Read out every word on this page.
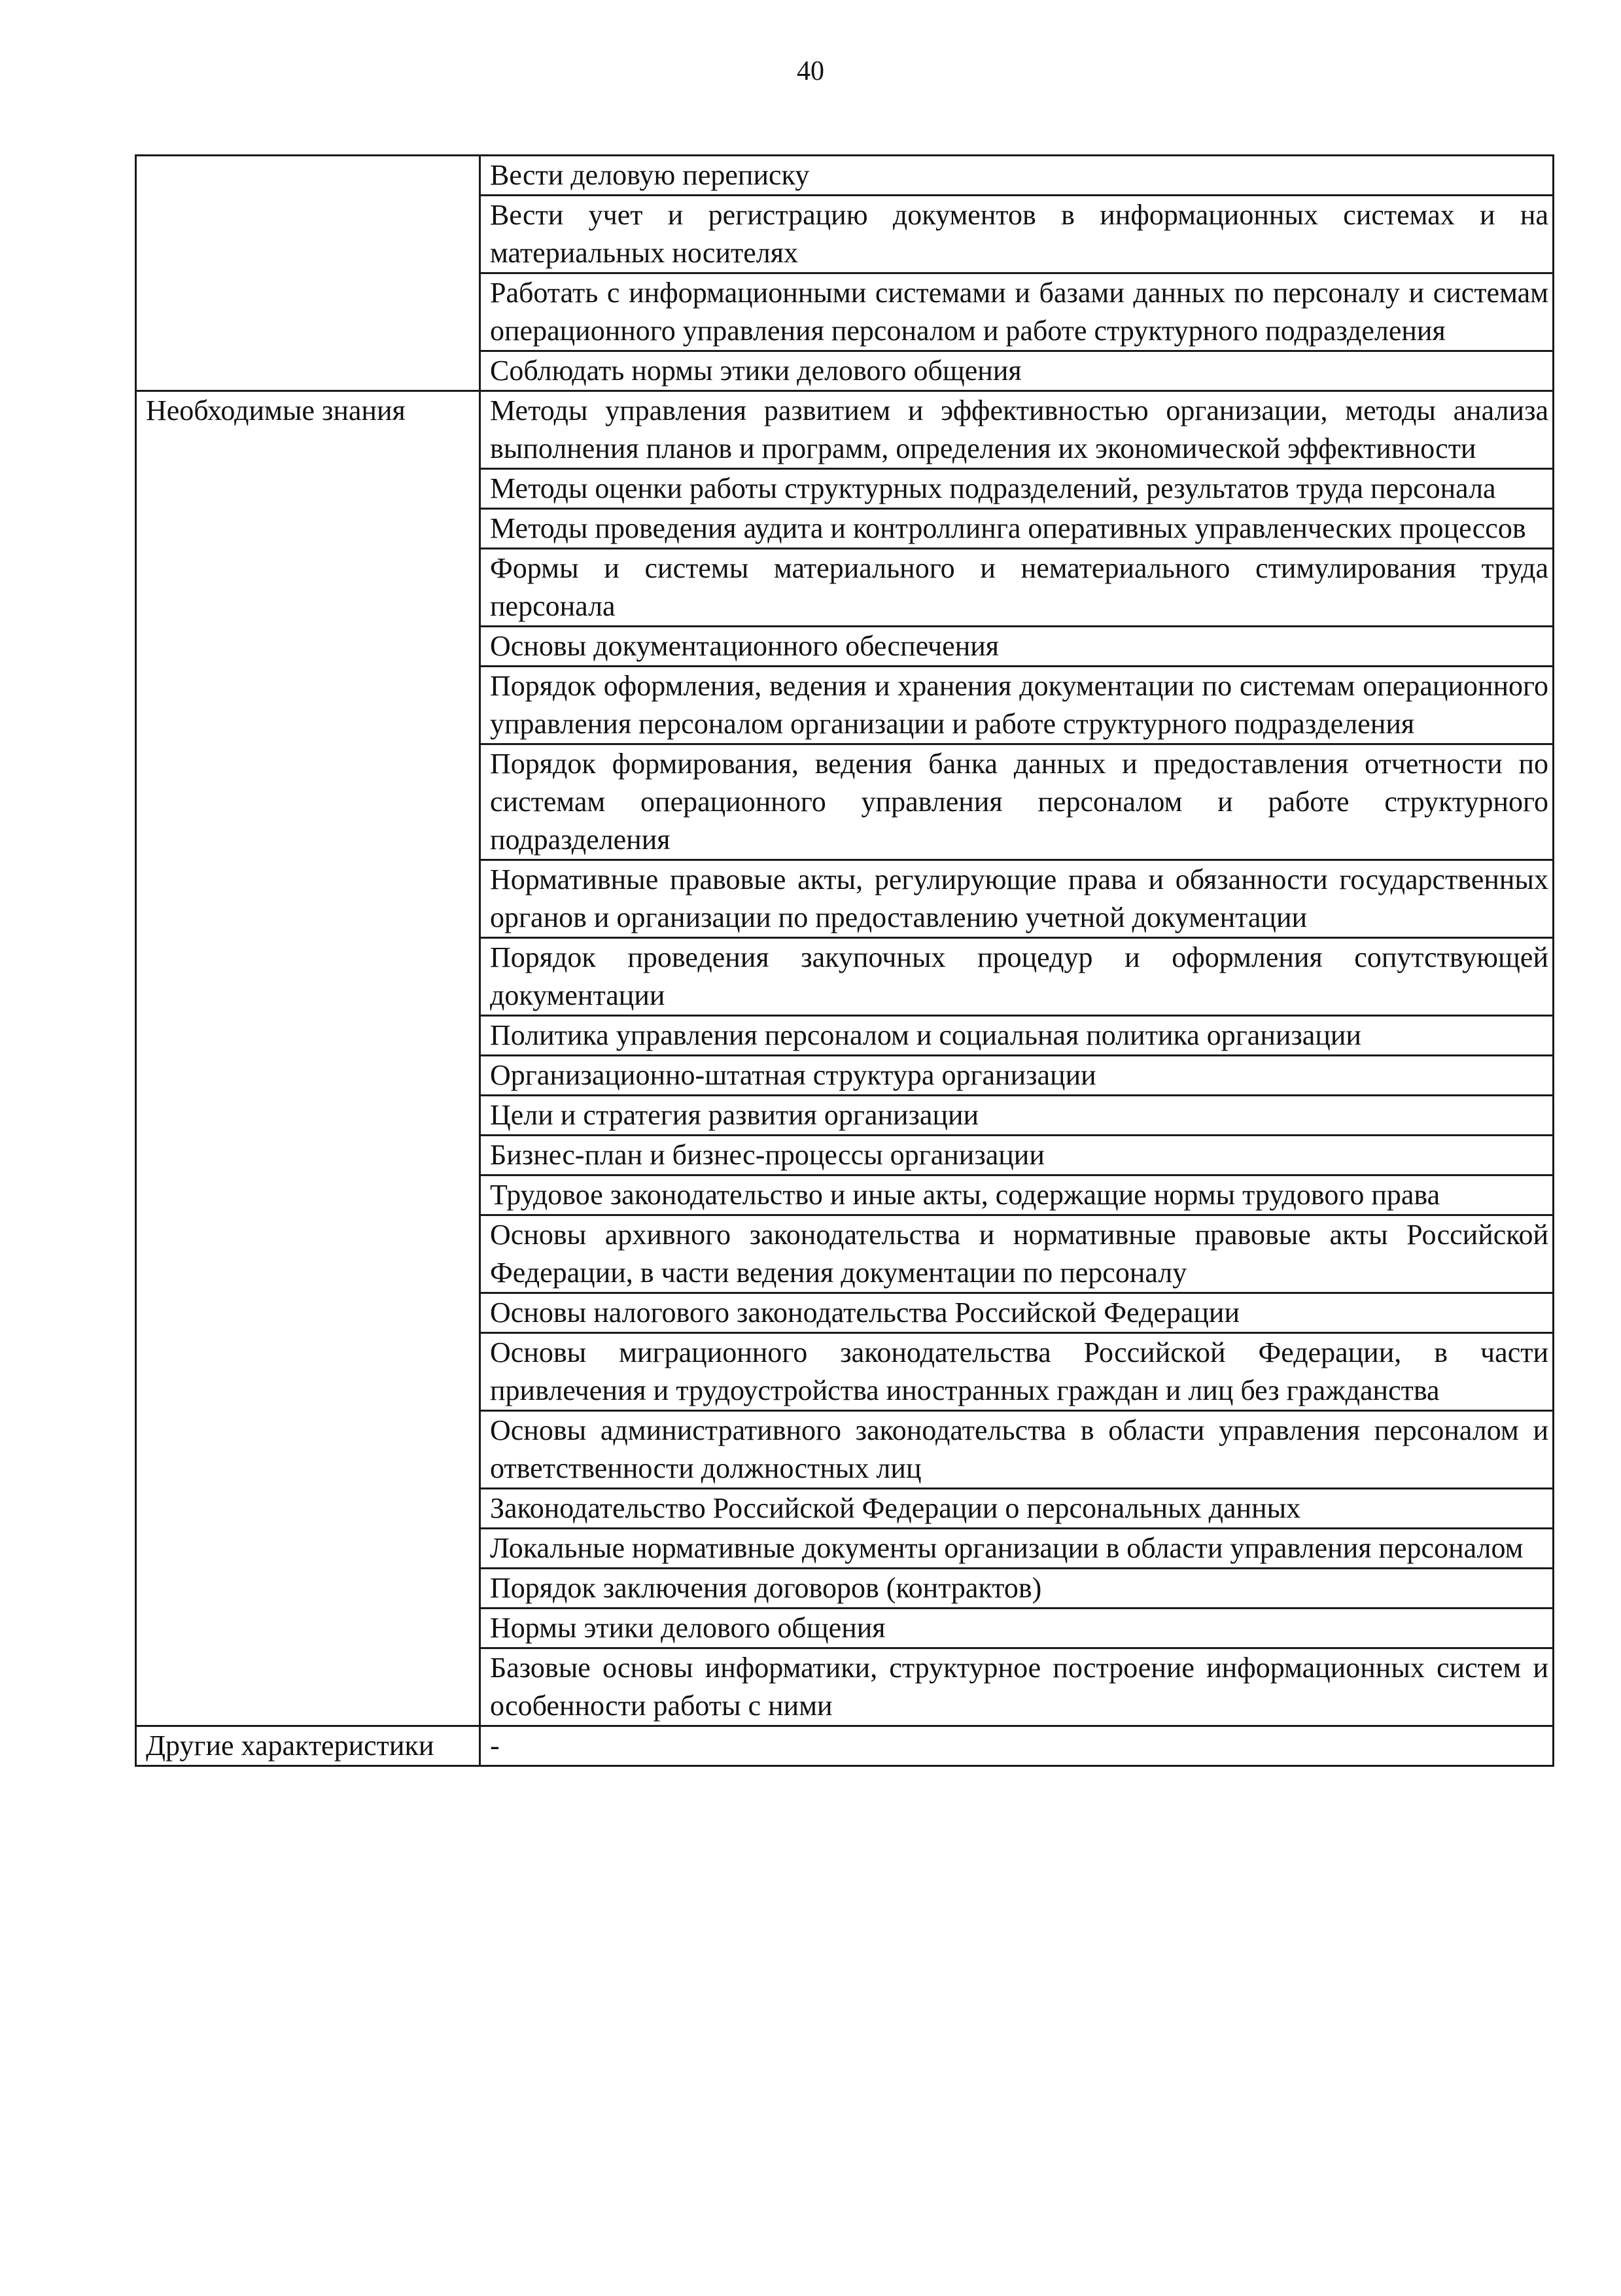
40
	Вести деловую переписку
	Вести учет и регистрацию документов в информационных системах и на материальных носителях
	Работать с информационными системами и базами данных по персоналу и системам операционного управления персоналом и работе структурного подразделения
	Соблюдать нормы этики делового общения
Необходимые знания	Методы управления развитием и эффективностью организации, методы анализа выполнения планов и программ, определения их экономической эффективности
	Методы оценки работы структурных подразделений, результатов труда персонала
	Методы проведения аудита и контроллинга оперативных управленческих процессов
	Формы и системы материального и нематериального стимулирования труда персонала
	Основы документационного обеспечения
	Порядок оформления, ведения и хранения документации по системам операционного управления персоналом организации и работе структурного подразделения
	Порядок формирования, ведения банка данных и предоставления отчетности по системам операционного управления персоналом и работе структурного подразделения
	Нормативные правовые акты, регулирующие права и обязанности государственных органов и организации по предоставлению учетной документации
	Порядок проведения закупочных процедур и оформления сопутствующей документации
	Политика управления персоналом и социальная политика организации
	Организационно-штатная структура организации
	Цели и стратегия развития организации
	Бизнес-план и бизнес-процессы организации
	Трудовое законодательство и иные акты, содержащие нормы трудового права
	Основы архивного законодательства и нормативные правовые акты Российской Федерации, в части ведения документации по персоналу
	Основы налогового законодательства Российской Федерации
	Основы миграционного законодательства Российской Федерации, в части привлечения и трудоустройства иностранных граждан и лиц без гражданства
	Основы административного законодательства в области управления персоналом и ответственности должностных лиц
	Законодательство Российской Федерации о персональных данных
	Локальные нормативные документы организации в области управления персоналом
	Порядок заключения договоров (контрактов)
	Нормы этики делового общения
	Базовые основы информатики, структурное построение информационных систем и особенности работы с ними
Другие характеристики	-
